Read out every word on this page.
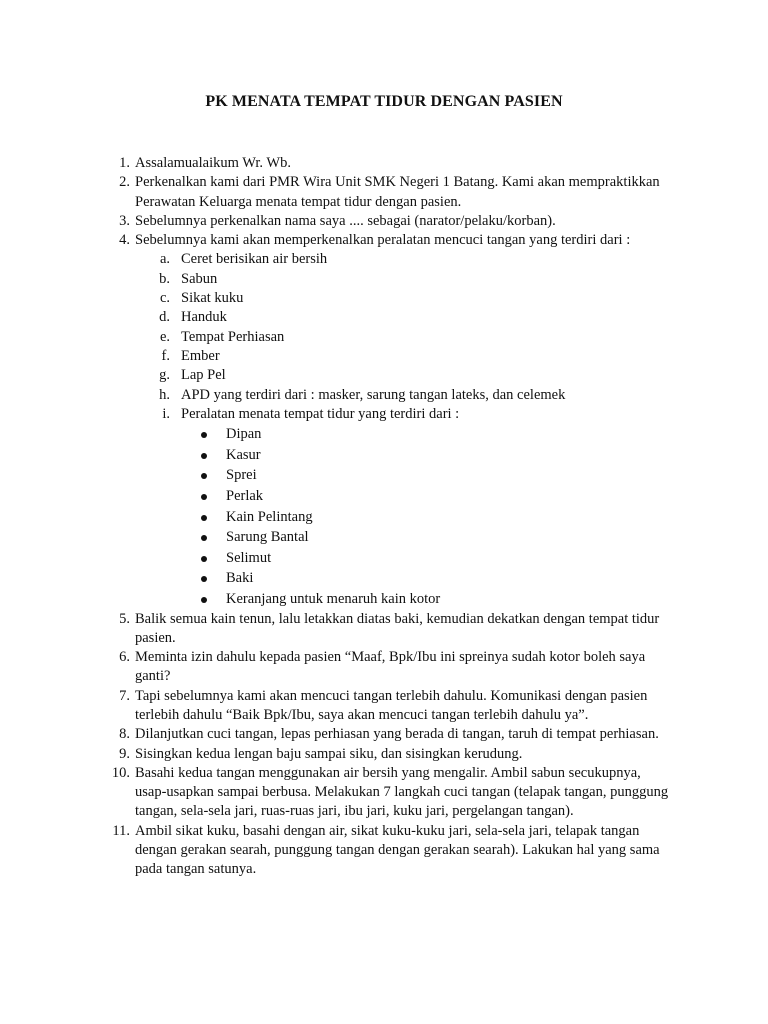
PK MENATA TEMPAT TIDUR DENGAN PASIEN
1. Assalamualaikum Wr. Wb.
2. Perkenalkan kami dari PMR Wira Unit SMK Negeri 1 Batang. Kami akan mempraktikkan Perawatan Keluarga menata tempat tidur dengan pasien.
3. Sebelumnya perkenalkan nama saya .... sebagai (narator/pelaku/korban).
4. Sebelumnya kami akan memperkenalkan peralatan mencuci tangan yang terdiri dari :
a. Ceret berisikan air bersih
b. Sabun
c. Sikat kuku
d. Handuk
e. Tempat Perhiasan
f. Ember
g. Lap Pel
h. APD yang terdiri dari : masker, sarung tangan lateks, dan celemek
i. Peralatan menata tempat tidur yang terdiri dari :
Dipan
Kasur
Sprei
Perlak
Kain Pelintang
Sarung Bantal
Selimut
Baki
Keranjang untuk menaruh kain kotor
5. Balik semua kain tenun, lalu letakkan diatas baki, kemudian dekatkan dengan tempat tidur pasien.
6. Meminta izin dahulu kepada pasien “Maaf, Bpk/Ibu ini spreinya sudah kotor boleh saya ganti?
7. Tapi sebelumnya kami akan mencuci tangan terlebih dahulu. Komunikasi dengan pasien terlebih dahulu “Baik Bpk/Ibu, saya akan mencuci tangan terlebih dahulu ya”.
8. Dilanjutkan cuci tangan, lepas perhiasan yang berada di tangan, taruh di tempat perhiasan.
9. Sisingkan kedua lengan baju sampai siku, dan sisingkan kerudung.
10. Basahi kedua tangan menggunakan air bersih yang mengalir. Ambil sabun secukupnya, usap-usapkan sampai berbusa. Melakukan 7 langkah cuci tangan (telapak tangan, punggung tangan, sela-sela jari, ruas-ruas jari, ibu jari, kuku jari, pergelangan tangan).
11. Ambil sikat kuku, basahi dengan air, sikat kuku-kuku jari, sela-sela jari, telapak tangan dengan gerakan searah, punggung tangan dengan gerakan searah). Lakukan hal yang sama pada tangan satunya.
